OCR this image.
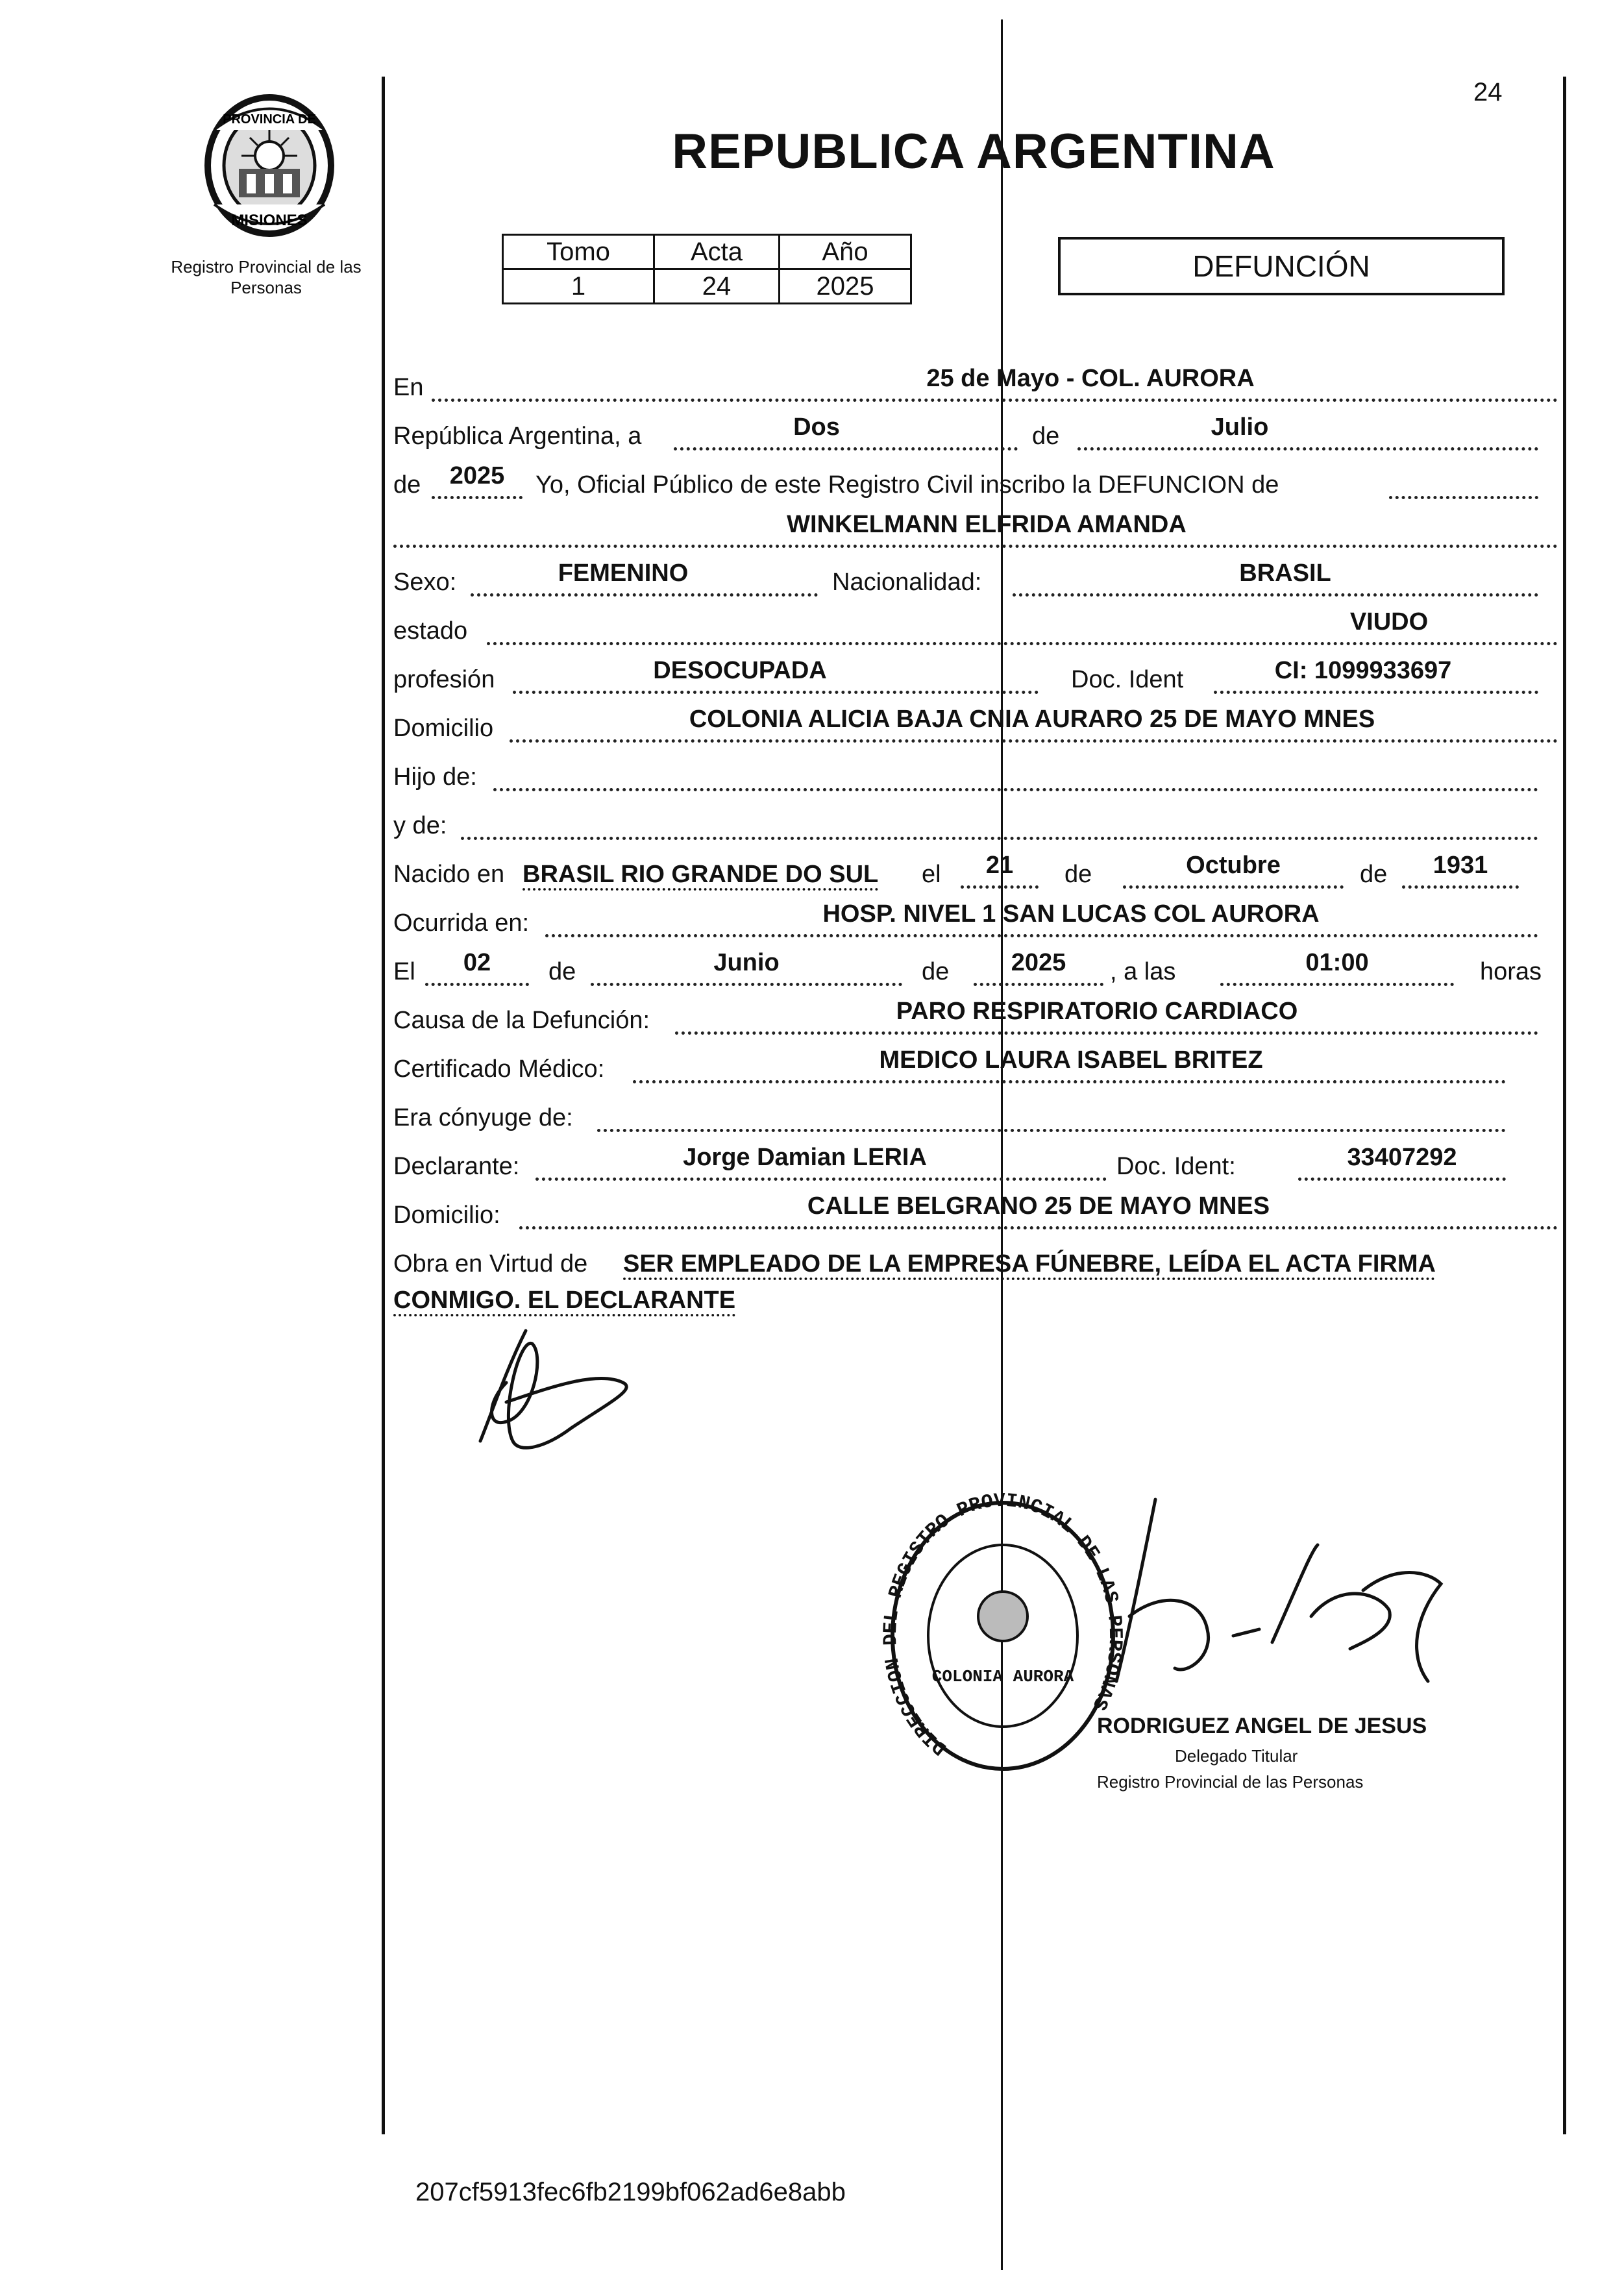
24
PROVINCIA DE
MISIONES
Registro Provincial de las Personas
REPUBLICA ARGENTINA
Tomo	Acta	Año
1	24	2025
DEFUNCIÓN
En	25 de Mayo - COL. AURORA
República Argentina, a	Dos	de	Julio
de	2025	Yo, Oficial Público de este Registro Civil inscribo la DEFUNCION de
WINKELMANN ELFRIDA AMANDA
Sexo:	FEMENINO	Nacionalidad:	BRASIL
estado	VIUDO
profesión	DESOCUPADA	Doc. Ident	CI: 1099933697
Domicilio	COLONIA ALICIA BAJA CNIA AURARO 25 DE MAYO MNES
Hijo de:
y de:
Nacido en BRASIL RIO GRANDE DO SUL el	21	de	Octubre	de	1931
Ocurrida en:	HOSP. NIVEL 1 SAN LUCAS COL AURORA
El	02	de	Junio	de	2025	, a las	01:00	horas
Causa de la Defunción:	PARO RESPIRATORIO CARDIACO
Certificado Médico:	MEDICO LAURA ISABEL BRITEZ
Era cónyuge de:
Declarante:	Jorge Damian LERIA	Doc. Ident:	33407292
Domicilio:	CALLE BELGRANO 25 DE MAYO MNES
Obra en Virtud de SER EMPLEADO DE LA EMPRESA FÚNEBRE, LEÍDA EL ACTA FIRMA
CONMIGO. EL DECLARANTE
DIRECCION DEL REGISTRO PROVINCIAL DE LAS PERSONAS
COLONIA AURORA
RODRIGUEZ ANGEL DE JESUS
Delegado Titular
Registro Provincial de las Personas
207cf5913fec6fb2199bf062ad6e8abb
